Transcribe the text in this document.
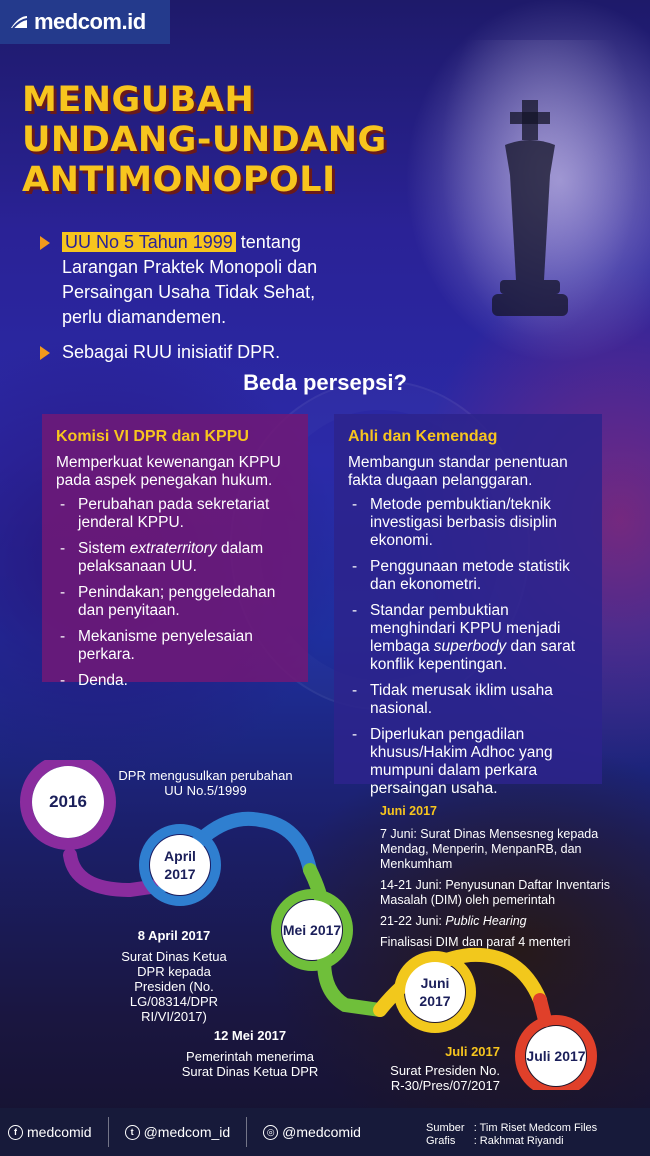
medcom.id
MENGUBAH
UNDANG-UNDANG
ANTIMONOPOLI
UU No 5 Tahun 1999 tentang Larangan Praktek Monopoli dan Persaingan Usaha Tidak Sehat, perlu diamandemen.
Sebagai RUU inisiatif DPR.
Beda persepsi?
Komisi VI DPR dan KPPU
Memperkuat kewenangan KPPU pada aspek penegakan hukum.
- Perubahan pada sekretariat jenderal KPPU.
- Sistem extraterritory dalam pelaksanaan UU.
- Penindakan; penggeledahan dan penyitaan.
- Mekanisme penyelesaian perkara.
- Denda.
Ahli dan Kemendag
Membangun standar penentuan fakta dugaan pelanggaran.
- Metode pembuktian/teknik investigasi berbasis disiplin ekonomi.
- Penggunaan metode statistik dan ekonometri.
- Standar pembuktian menghindari KPPU menjadi lembaga superbody dan sarat konflik kepentingan.
- Tidak merusak iklim usaha nasional.
- Diperlukan pengadilan khusus/Hakim Adhoc yang mumpuni dalam perkara persaingan usaha.
2016
April 2017
Mei 2017
Juni 2017
Juli 2017
DPR mengusulkan perubahan UU No.5/1999
8 April 2017
Surat Dinas Ketua DPR kepada Presiden (No. LG/08314/DPR RI/VI/2017)
12 Mei 2017
Pemerintah menerima Surat Dinas Ketua DPR
Juni 2017
7 Juni: Surat Dinas Mensesneg kepada Mendag, Menperin, MenpanRB, dan Menkumham
14-21 Juni: Penyusunan Daftar Inventaris Masalah (DIM) oleh pemerintah
21-22 Juni: Public Hearing
Finalisasi DIM dan paraf 4 menteri
Juli 2017
Surat Presiden No. R-30/Pres/07/2017
f medcomid	t @medcom_id	◎ @medcomid	Sumber : Tim Riset Medcom Files
Grafis : Rakhmat Riyandi
